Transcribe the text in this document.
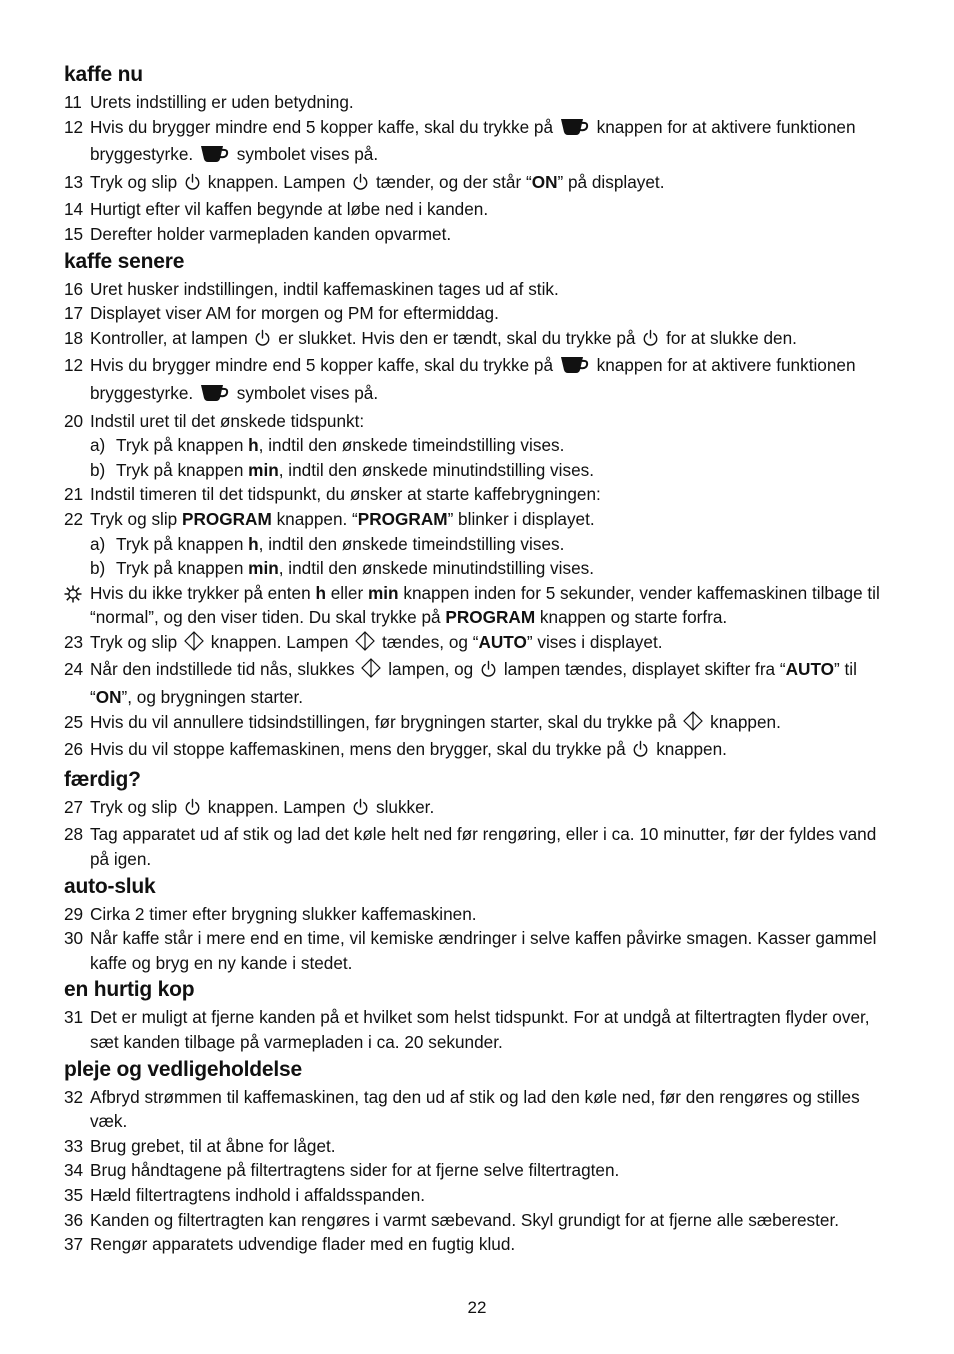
kaffe nu
11 Urets indstilling er uden betydning.
12 Hvis du brygger mindre end 5 kopper kaffe, skal du trykke på	knappen for at aktivere funktionen bryggestyrke.	symbolet vises på.
13 Tryk og slip knappen. Lampen tænder, og der står “ON” på displayet.
14 Hurtigt efter vil kaffen begynde at løbe ned i kanden.
15 Derefter holder varmepladen kanden opvarmet.
kaffe senere
16 Uret husker indstillingen, indtil kaffemaskinen tages ud af stik.
17 Displayet viser AM for morgen og PM for eftermiddag.
18 Kontroller, at lampen er slukket. Hvis den er tændt, skal du trykke på for at slukke den.
12 Hvis du brygger mindre end 5 kopper kaffe, skal du trykke på	knappen for at aktivere funktionen bryggestyrke.	symbolet vises på.
20 Indstil uret til det ønskede tidspunkt:
a) Tryk på knappen h, indtil den ønskede timeindstilling vises.
b) Tryk på knappen min, indtil den ønskede minutindstilling vises.
21 Indstil timeren til det tidspunkt, du ønsker at starte kaffebrygningen:
22 Tryk og slip PROGRAM knappen. “PROGRAM” blinker i displayet.
a) Tryk på knappen h, indtil den ønskede timeindstilling vises.
b) Tryk på knappen min, indtil den ønskede minutindstilling vises.
Hvis du ikke trykker på enten h eller min knappen inden for 5 sekunder, vender kaffemaskinen tilbage til “normal”, og den viser tiden. Du skal trykke på PROGRAM knappen og starte forfra.
23 Tryk og slip knappen. Lampen tændes, og “AUTO” vises i displayet.
24 Når den indstillede tid nås, slukkes lampen, og lampen tændes, displayet skifter fra “AUTO” til “ON”, og brygningen starter.
25 Hvis du vil annullere tidsindstillingen, før brygningen starter, skal du trykke på knappen.
26 Hvis du vil stoppe kaffemaskinen, mens den brygger, skal du trykke på knappen.
færdig?
27 Tryk og slip knappen. Lampen slukker.
28 Tag apparatet ud af stik og lad det køle helt ned før rengøring, eller i ca. 10 minutter, før der fyldes vand på igen.
auto-sluk
29 Cirka 2 timer efter brygning slukker kaffemaskinen.
30 Når kaffe står i mere end en time, vil kemiske ændringer i selve kaffen påvirke smagen. Kasser gammel kaffe og bryg en ny kande i stedet.
en hurtig kop
31 Det er muligt at fjerne kanden på et hvilket som helst tidspunkt. For at undgå at filtertragten flyder over, sæt kanden tilbage på varmepladen i ca. 20 sekunder.
pleje og vedligeholdelse
32 Afbryd strømmen til kaffemaskinen, tag den ud af stik og lad den køle ned, før den rengøres og stilles væk.
33 Brug grebet, til at åbne for låget.
34 Brug håndtagene på filtertragtens sider for at fjerne selve filtertragten.
35 Hæld filtertragtens indhold i affaldsspanden.
36 Kanden og filtertragten kan rengøres i varmt sæbevand. Skyl grundigt for at fjerne alle sæberester.
37 Rengør apparatets udvendige flader med en fugtig klud.
22
